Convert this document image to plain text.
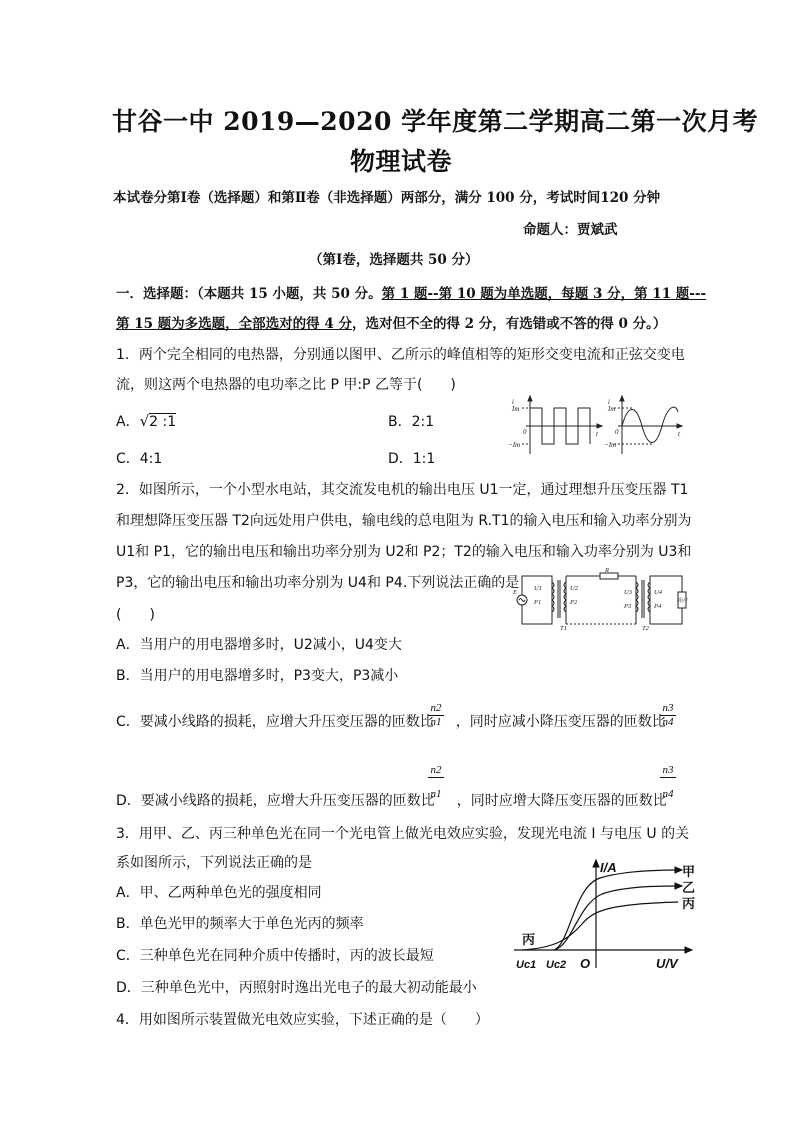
甘谷一中 2019—2020 学年度第二学期高二第一次月考
物理试卷
本试卷分第Ⅰ卷（选择题）和第Ⅱ卷（非选择题）两部分，满分 100 分，考试时间120 分钟
命题人：贾斌武
（第Ⅰ卷，选择题共 50 分）
一．选择题：（本题共 15 小题，共 50 分。第 1 题--第 10 题为单选题，每题 3 分，第 11 题---
第 15 题为多选题，全部选对的得 4 分，选对但不全的得 2 分，有选错或不答的得 0 分。）
1．两个完全相同的电热器，分别通以图甲、乙所示的峰值相等的矩形交变电流和正弦交变电
流，则这两个电热器的电功率之比 P 甲:P 乙等于(　　)
A．√2 :1	B．2:1
C．4:1	D．1:1
i
Im
−Im
0	t
i
Im
−Im
0	t
2．如图所示，一个小型水电站，其交流发电机的输出电压 U1一定，通过理想升压变压器 T1
和理想降压变压器 T2向远处用户供电，输电线的总电阻为 R.T1的输入电压和输入功率分别为
U1和 P1，它的输出电压和输出功率分别为 U2和 P2；T2的输入电压和输入功率分别为 U3和
P3，它的输出电压和输出功率分别为 U4和 P4.下列说法正确的是
(　　)
A．当用户的用电器增多时，U2减小，U4变大
B．当用户的用电器增多时，P3变大，P3减小
C．要减小线路的损耗，应增大升压变压器的匝数比 ，同时应减小降压变压器的匝数比
$\frac{n2}{n1}$	$\frac{n3}{n4}$
D．要减小线路的损耗，应增大升压变压器的匝数比 ，同时应增大降压变压器的匝数比
$\frac{n2}{n1}$	$\frac{n3}{n4}$
E
U1
P1
U2
P2
R
U3
P3
U4
P4
T1	T2
用户
3．用甲、乙、丙三种单色光在同一个光电管上做光电效应实验，发现光电流 I 与电压 U 的关
系如图所示，下列说法正确的是
A．甲、乙两种单色光的强度相同
B．单色光甲的频率大于单色光丙的频率
C．三种单色光在同种介质中传播时，丙的波长最短
D．三种单色光中，丙照射时逸出光电子的最大初动能最小
I/A
U/V
O
Uc1 Uc2
甲
乙
丙
丙
4．用如图所示装置做光电效应实验，下述正确的是（　　）
